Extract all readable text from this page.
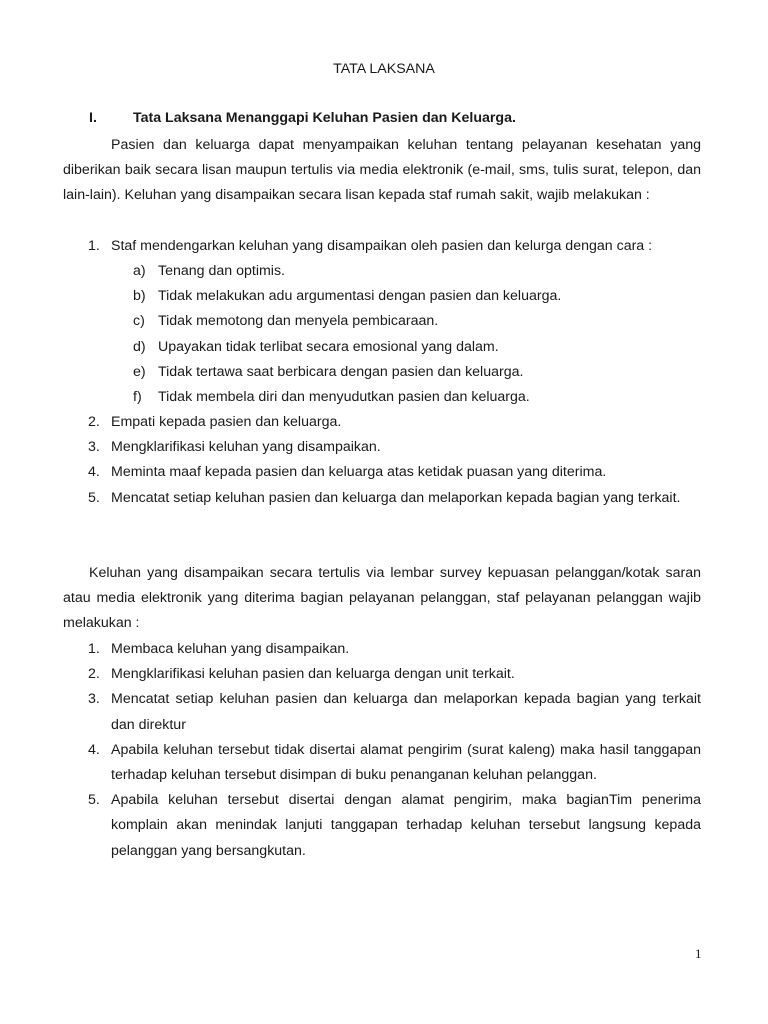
TATA LAKSANA
I.	Tata Laksana Menanggapi Keluhan Pasien dan Keluarga.

Pasien dan keluarga dapat menyampaikan keluhan tentang pelayanan kesehatan yang diberikan baik secara lisan maupun tertulis via media elektronik (e-mail, sms, tulis surat, telepon, dan lain-lain). Keluhan yang disampaikan secara lisan kepada staf rumah sakit, wajib melakukan :

1. Staf mendengarkan keluhan yang disampaikan oleh pasien dan kelurga dengan cara :
a) Tenang dan optimis.
b) Tidak melakukan adu argumentasi dengan pasien dan keluarga.
c) Tidak memotong dan menyela pembicaraan.
d) Upayakan tidak terlibat secara emosional yang dalam.
e) Tidak tertawa saat berbicara dengan pasien dan keluarga.
f) Tidak membela diri dan menyudutkan pasien dan keluarga.
2. Empati kepada pasien dan keluarga.
3. Mengklarifikasi keluhan yang disampaikan.
4. Meminta maaf kepada pasien dan keluarga atas ketidak puasan yang diterima.
5. Mencatat setiap keluhan pasien dan keluarga dan melaporkan kepada bagian yang terkait.

Keluhan yang disampaikan secara tertulis via lembar survey kepuasan pelanggan/kotak saran atau media elektronik yang diterima bagian pelayanan pelanggan, staf pelayanan pelanggan wajib melakukan :

1. Membaca keluhan yang disampaikan.
2. Mengklarifikasi keluhan pasien dan keluarga dengan unit terkait.
3. Mencatat setiap keluhan pasien dan keluarga dan melaporkan kepada bagian yang terkait dan direktur
4. Apabila keluhan tersebut tidak disertai alamat pengirim (surat kaleng) maka hasil tanggapan terhadap keluhan tersebut disimpan di buku penanganan keluhan pelanggan.
5. Apabila keluhan tersebut disertai dengan alamat pengirim, maka bagianTim penerima komplain akan menindak lanjuti tanggapan terhadap keluhan tersebut langsung kepada pelanggan yang bersangkutan.
1
